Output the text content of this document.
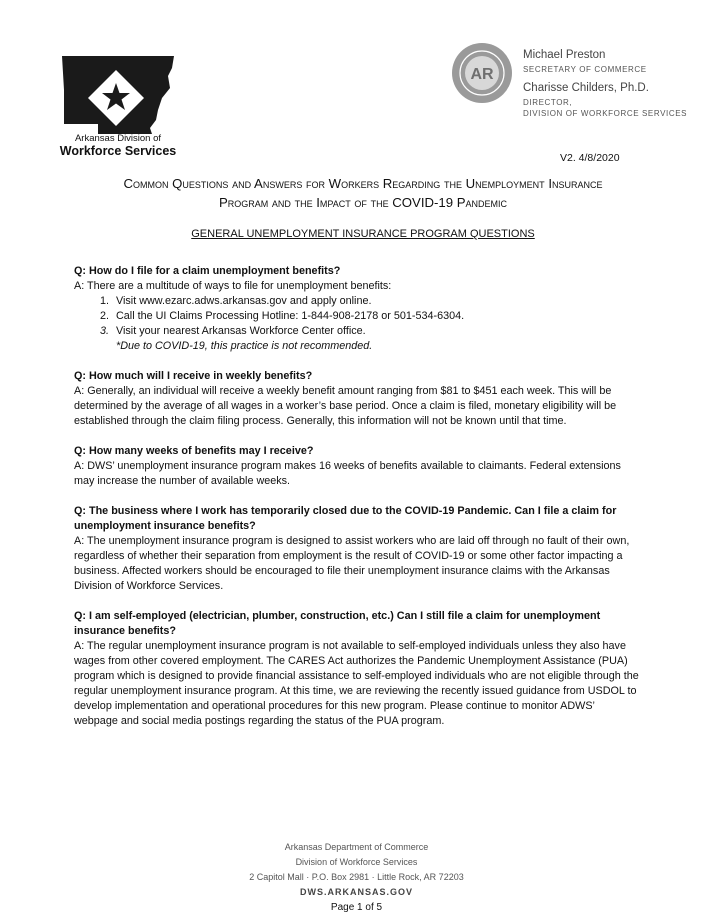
Arkansas Division of
Workforce Services
AR
Michael Preston
SECRETARY OF COMMERCE
Charisse Childers, Ph.D.
DIRECTOR,
DIVISION OF WORKFORCE SERVICES
V2. 4/8/2020
Common Questions and Answers for Workers Regarding the Unemployment Insurance
Program and the Impact of the COVID-19 Pandemic
GENERAL UNEMPLOYMENT INSURANCE PROGRAM QUESTIONS
Q: How do I file for a claim unemployment benefits?
A: There are a multitude of ways to file for unemployment benefits:
1. Visit www.ezarc.adws.arkansas.gov and apply online.
2. Call the UI Claims Processing Hotline: 1-844-908-2178 or 501-534-6304.
3. Visit your nearest Arkansas Workforce Center office.
*Due to COVID-19, this practice is not recommended.
Q: How much will I receive in weekly benefits?
A: Generally, an individual will receive a weekly benefit amount ranging from $81 to $451 each week. This will be determined by the average of all wages in a worker’s base period. Once a claim is filed, monetary eligibility will be established through the claim filing process. Generally, this information will not be known until that time.
Q: How many weeks of benefits may I receive?
A: DWS’ unemployment insurance program makes 16 weeks of benefits available to claimants. Federal extensions may increase the number of available weeks.
Q: The business where I work has temporarily closed due to the COVID-19 Pandemic. Can I file a claim for unemployment insurance benefits?
A: The unemployment insurance program is designed to assist workers who are laid off through no fault of their own, regardless of whether their separation from employment is the result of COVID-19 or some other factor impacting a business. Affected workers should be encouraged to file their unemployment insurance claims with the Arkansas Division of Workforce Services.
Q: I am self-employed (electrician, plumber, construction, etc.) Can I still file a claim for unemployment insurance benefits?
A: The regular unemployment insurance program is not available to self-employed individuals unless they also have wages from other covered employment. The CARES Act authorizes the Pandemic Unemployment Assistance (PUA) program which is designed to provide financial assistance to self-employed individuals who are not eligible through the regular unemployment insurance program. At this time, we are reviewing the recently issued guidance from USDOL to develop implementation and operational procedures for this new program. Please continue to monitor ADWS’ webpage and social media postings regarding the status of the PUA program.
Arkansas Department of Commerce
Division of Workforce Services
2 Capitol Mall · P.O. Box 2981 · Little Rock, AR 72203
DWS.ARKANSAS.GOV
Page 1 of 5
